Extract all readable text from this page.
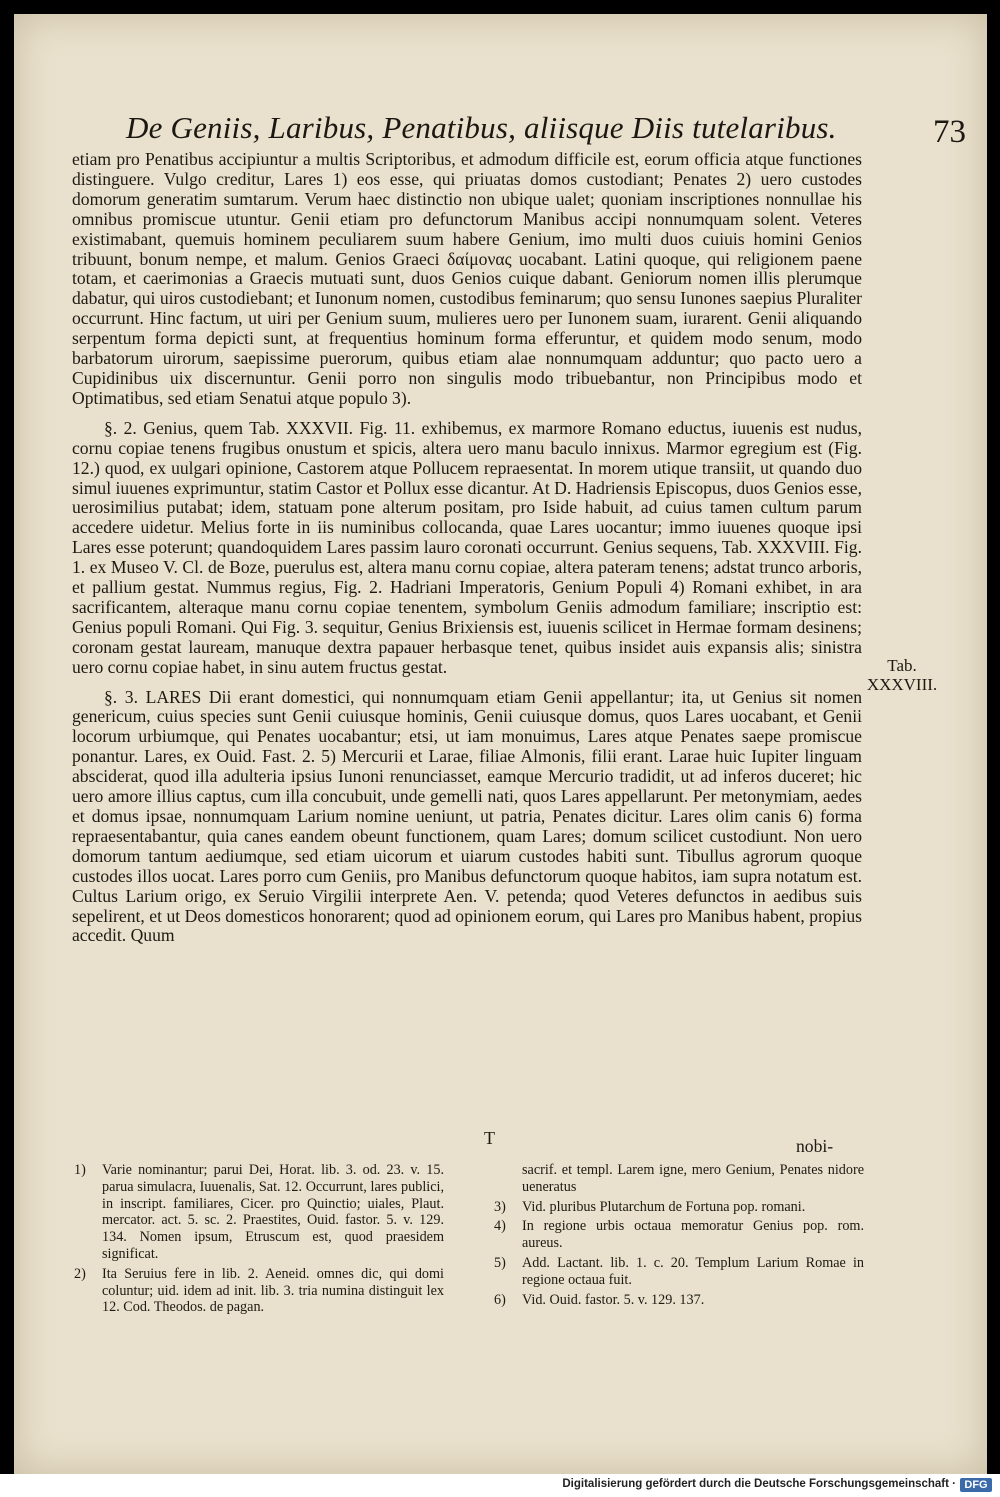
De Geniis, Laribus, Penatibus, aliisque Diis tutelaribus.	73

etiam pro Penatibus accipiuntur a multis Scriptoribus, et admodum difficile est, eorum officia atque functiones distinguere. Vulgo creditur, Lares 1) eos esse, qui priuatas domos custodiant; Penates 2) uero custodes domorum generatim sumtarum. Verum haec distinctio non ubique ualet; quoniam inscriptiones nonnullae his omnibus promiscue utuntur. Genii etiam pro defunctorum Manibus accipi nonnumquam solent. Veteres existimabant, quemuis hominem peculiarem suum habere Genium, imo multi duos cuiuis homini Genios tribuunt, bonum nempe, et malum. Genios Graeci δαίμονας uocabant. Latini quoque, qui religionem paene totam, et caerimonias a Graecis mutuati sunt, duos Genios cuique dabant. Geniorum nomen illis plerumque dabatur, qui uiros custodiebant; et Iunonum nomen, custodibus feminarum; quo sensu Iunones saepius Pluraliter occurrunt. Hinc factum, ut uiri per Genium suum, mulieres uero per Iunonem suam, iurarent. Genii aliquando serpentum forma depicti sunt, at frequentius hominum forma efferuntur, et quidem modo senum, modo barbatorum uirorum, saepissime puerorum, quibus etiam alae nonnumquam adduntur; quo pacto uero a Cupidinibus uix discernuntur. Genii porro non singulis modo tribuebantur, non Principibus modo et Optimatibus, sed etiam Senatui atque populo 3).

§. 2. Genius, quem Tab. XXXVII. Fig. 11. exhibemus, ex marmore Romano eductus, iuuenis est nudus, cornu copiae tenens frugibus onustum et spicis, altera uero manu baculo innixus. Marmor egregium est (Fig. 12.) quod, ex uulgari opinione, Castorem atque Pollucem repraesentat. In morem utique transiit, ut quando duo simul iuuenes exprimuntur, statim Castor et Pollux esse dicantur. At D. Hadriensis Episcopus, duos Genios esse, uerosimilius putabat; idem, statuam pone alterum positam, pro Iside habuit, ad cuius tamen cultum parum accedere uidetur. Melius forte in iis numinibus collocanda, quae Lares uocantur; immo iuuenes quoque ipsi Lares esse poterunt; quandoquidem Lares passim lauro coronati occurrunt. Genius sequens, Tab. XXXVIII. Fig. 1. ex Museo V. Cl. de Boze, puerulus est, altera manu cornu copiae, altera pateram tenens; adstat trunco arboris, et pallium gestat. Nummus regius, Fig. 2. Hadriani Imperatoris, Genium Populi 4) Romani exhibet, in ara sacrificantem, alteraque manu cornu copiae tenentem, symbolum Geniis admodum familiare; inscriptio est: Genius populi Romani. Qui Fig. 3. sequitur, Genius Brixiensis est, iuuenis scilicet in Hermae formam desinens; coronam gestat lauream, manuque dextra papauer herbasque tenet, quibus insidet auis expansis alis; sinistra uero cornu copiae habet, in sinu autem fructus gestat.

§. 3. LARES Dii erant domestici, qui nonnumquam etiam Genii appellantur; ita, ut Genius sit nomen genericum, cuius species sunt Genii cuiusque hominis, Genii cuiusque domus, quos Lares uocabant, et Genii locorum urbiumque, qui Penates uocabantur; etsi, ut iam monuimus, Lares atque Penates saepe promiscue ponantur. Lares, ex Ouid. Fast. 2. 5) Mercurii et Larae, filiae Almonis, filii erant. Larae huic Iupiter linguam absciderat, quod illa adulteria ipsius Iunoni renunciasset, eamque Mercurio tradidit, ut ad inferos duceret; hic uero amore illius captus, cum illa concubuit, unde gemelli nati, quos Lares appellarunt. Per metonymiam, aedes et domus ipsae, nonnumquam Larium nomine ueniunt, ut patria, Penates dicitur. Lares olim canis 6) forma repraesentabantur, quia canes eandem obeunt functionem, quam Lares; domum scilicet custodiunt. Non uero domorum tantum aediumque, sed etiam uicorum et uiarum custodes habiti sunt. Tibullus agrorum quoque custodes illos uocat. Lares porro cum Geniis, pro Manibus defunctorum quoque habitos, iam supra notatum est. Cultus Larium origo, ex Seruio Virgilii interprete Aen. V. petenda; quod Veteres defunctos in aedibus suis sepelirent, et ut Deos domesticos honorarent; quod ad opinionem eorum, qui Lares pro Manibus habent, propius accedit. Quum

Tab.
XXXVIII.
T	nobi-
1) Varie nominantur; parui Dei, Horat. lib. 3. od. 23. v. 15. parua simulacra, Iuuenalis, Sat. 12. Occurrunt, lares publici, in inscript. familiares, Cicer. pro Quinctio; uiales, Plaut. mercator. act. 5. sc. 2. Praestites, Ouid. fastor. 5. v. 129. 134. Nomen ipsum, Etruscum est, quod praesidem significat.
2) Ita Seruius fere in lib. 2. Aeneid. omnes dic, qui domi coluntur; uid. idem ad init. lib. 3. tria numina distinguit lex 12. Cod. Theodos. de pagan.
sacrif. et templ. Larem igne, mero Genium, Penates nidore ueneratus
3) Vid. pluribus Plutarchum de Fortuna pop. romani.
4) In regione urbis octaua memoratur Genius pop. rom. aureus.
5) Add. Lactant. lib. 1. c. 20. Templum Larium Romae in regione octaua fuit.
6) Vid. Ouid. fastor. 5. v. 129. 137.
Digitalisierung gefördert durch die Deutsche Forschungsgemeinschaft · DFG
